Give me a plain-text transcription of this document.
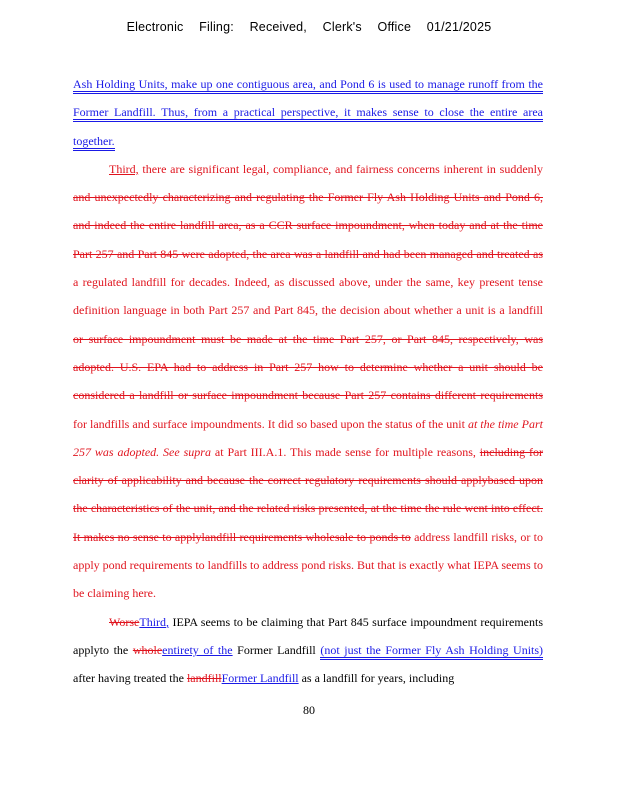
Electronic Filing: Received, Clerk's Office 01/21/2025

Ash Holding Units, make up one contiguous area, and Pond 6 is used to manage runoff from the Former Landfill. Thus, from a practical perspective, it makes sense to close the entire area together.

Third, there are significant legal, compliance, and fairness concerns inherent in suddenly and unexpectedly characterizing and regulating the Former Fly Ash Holding Units and Pond 6, and indeed the entire landfill area, as a CCR surface impoundment, when today and at the time Part 257 and Part 845 were adopted, the area was a landfill and had been managed and treated as a regulated landfill for decades. Indeed, as discussed above, under the same, key present tense definition language in both Part 257 and Part 845, the decision about whether a unit is a landfill or surface impoundment must be made at the time Part 257, or Part 845, respectively, was adopted. U.S. EPA had to address in Part 257 how to determine whether a unit should be considered a landfill or surface impoundment because Part 257 contains different requirements for landfills and surface impoundments. It did so based upon the status of the unit at the time Part 257 was adopted. See supra at Part III.A.1. This made sense for multiple reasons, including for clarity of applicability and because the correct regulatory requirements should applybased upon the characteristics of the unit, and the related risks presented, at the time the rule went into effect. It makes no sense to applylandfill requirements wholesale to ponds to address landfill risks, or to apply pond requirements to landfills to address pond risks. But that is exactly what IEPA seems to be claiming here.

WorseThird, IEPA seems to be claiming that Part 845 surface impoundment requirements applyto the wholeentirety of the Former Landfill (not just the Former Fly Ash Holding Units) after having treated the landfillFormer Landfill as a landfill for years, including

80
